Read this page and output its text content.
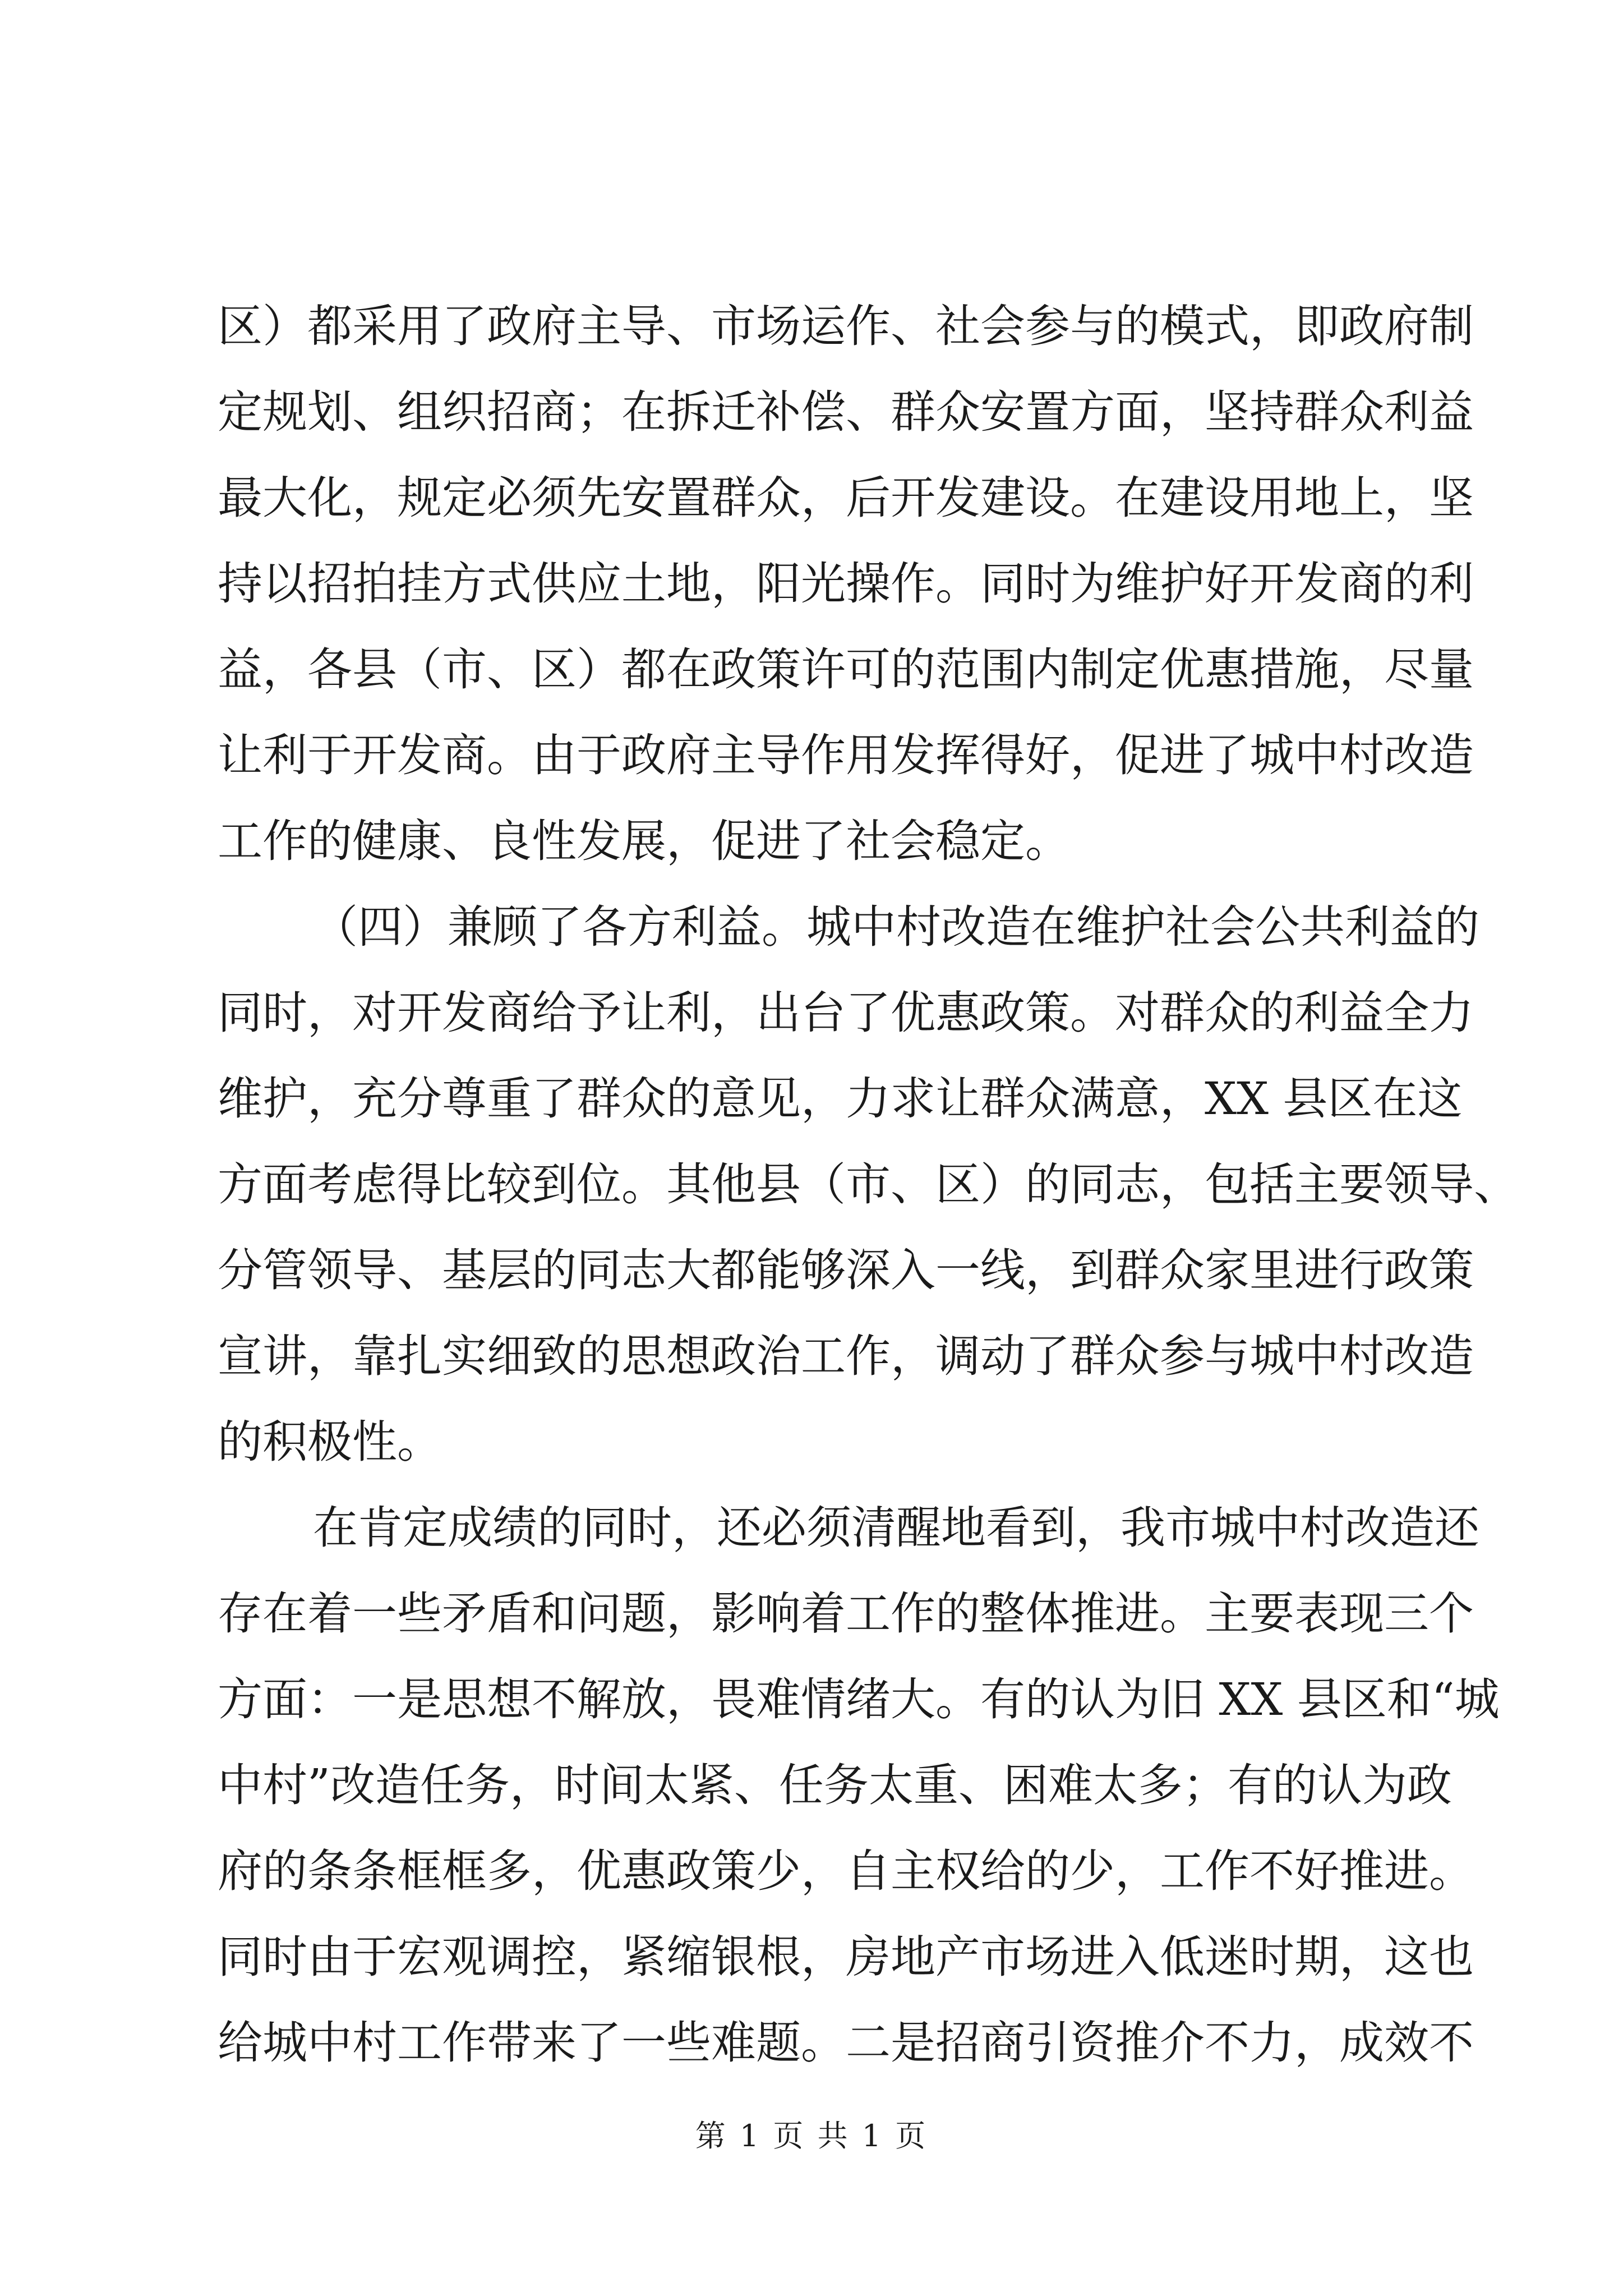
区）都采用了政府主导、市场运作、社会参与的模式，即政府制
定规划、组织招商；在拆迁补偿、群众安置方面，坚持群众利益
最大化，规定必须先安置群众，后开发建设。在建设用地上，坚
持以招拍挂方式供应土地，阳光操作。同时为维护好开发商的利
益，各县（市、区）都在政策许可的范围内制定优惠措施，尽量
让利于开发商。由于政府主导作用发挥得好，促进了城中村改造
工作的健康、良性发展，促进了社会稳定。
（四）兼顾了各方利益。城中村改造在维护社会公共利益的
同时，对开发商给予让利，出台了优惠政策。对群众的利益全力
维护，充分尊重了群众的意见，力求让群众满意，XX 县区在这
方面考虑得比较到位。其他县（市、区）的同志，包括主要领导、
分管领导、基层的同志大都能够深入一线，到群众家里进行政策
宣讲，靠扎实细致的思想政治工作，调动了群众参与城中村改造
的积极性。
在肯定成绩的同时，还必须清醒地看到，我市城中村改造还
存在着一些矛盾和问题，影响着工作的整体推进。主要表现三个
方面：一是思想不解放，畏难情绪大。有的认为旧 XX 县区和“城
中村”改造任务，时间太紧、任务太重、困难太多；有的认为政
府的条条框框多，优惠政策少，自主权给的少，工作不好推进。
同时由于宏观调控，紧缩银根，房地产市场进入低迷时期，这也
给城中村工作带来了一些难题。二是招商引资推介不力，成效不
第 1 页 共 1 页
